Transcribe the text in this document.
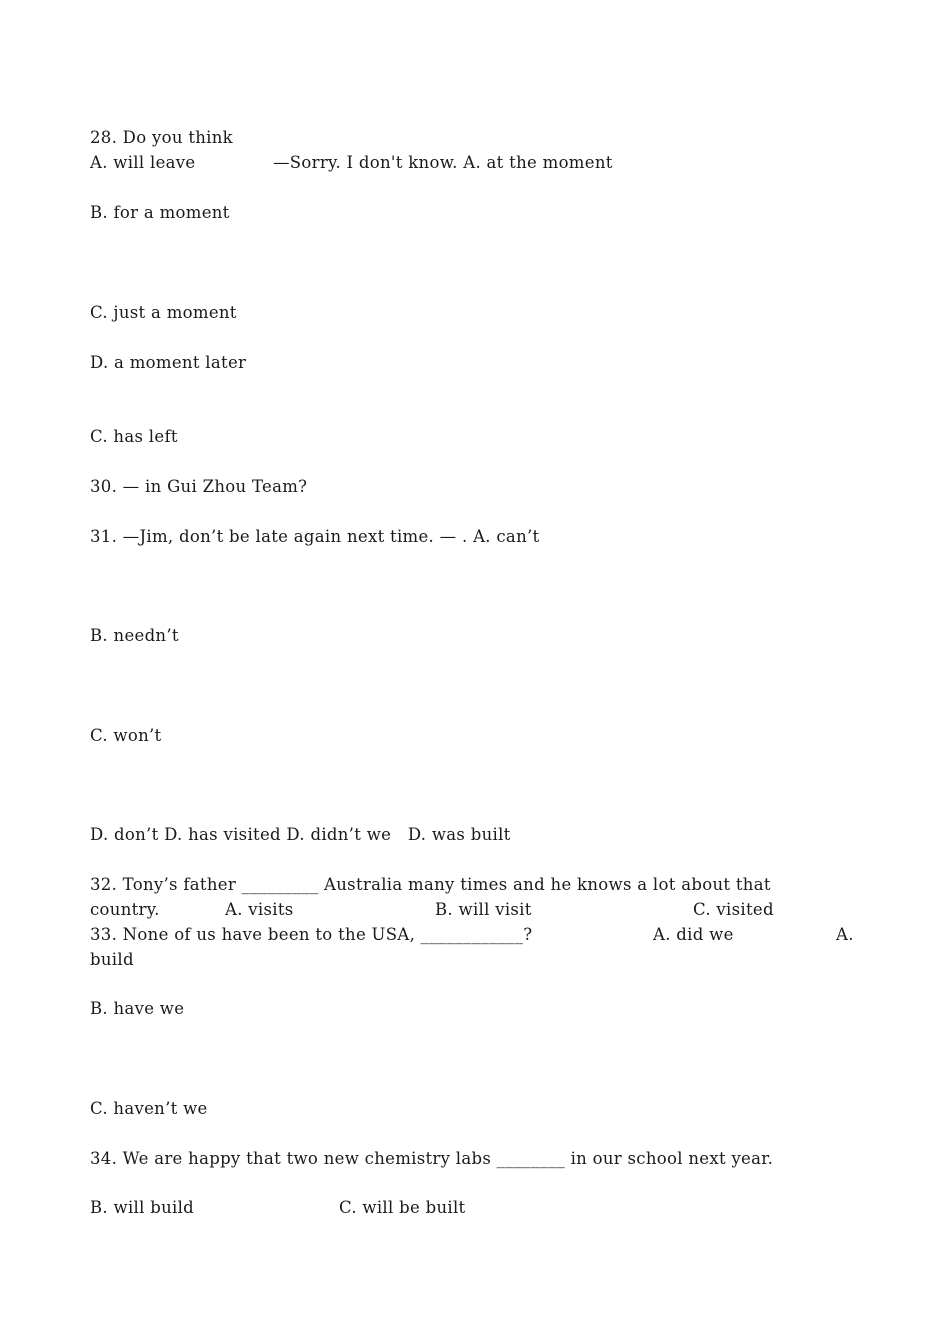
28. Do you think
A. will leave	—Sorry. I don't know. A. at the moment
B. for a moment
C. just a moment
D. a moment later
C. has left
30. — in Gui Zhou Team?
31. —Jim, don’t be late again next time. — . A. can’t
B. needn’t
C. won’t
D. don’t D. has visited D. didn’t we   D. was built
32. Tony’s father _________ Australia many times and he knows a lot about that
country.	A. visits	B. will visit	C. visited
33. None of us have been to the USA, ____________?	A. did we	A.
build
B. have we
C. haven’t we
34. We are happy that two new chemistry labs ________ in our school next year.
B. will build	C. will be built
